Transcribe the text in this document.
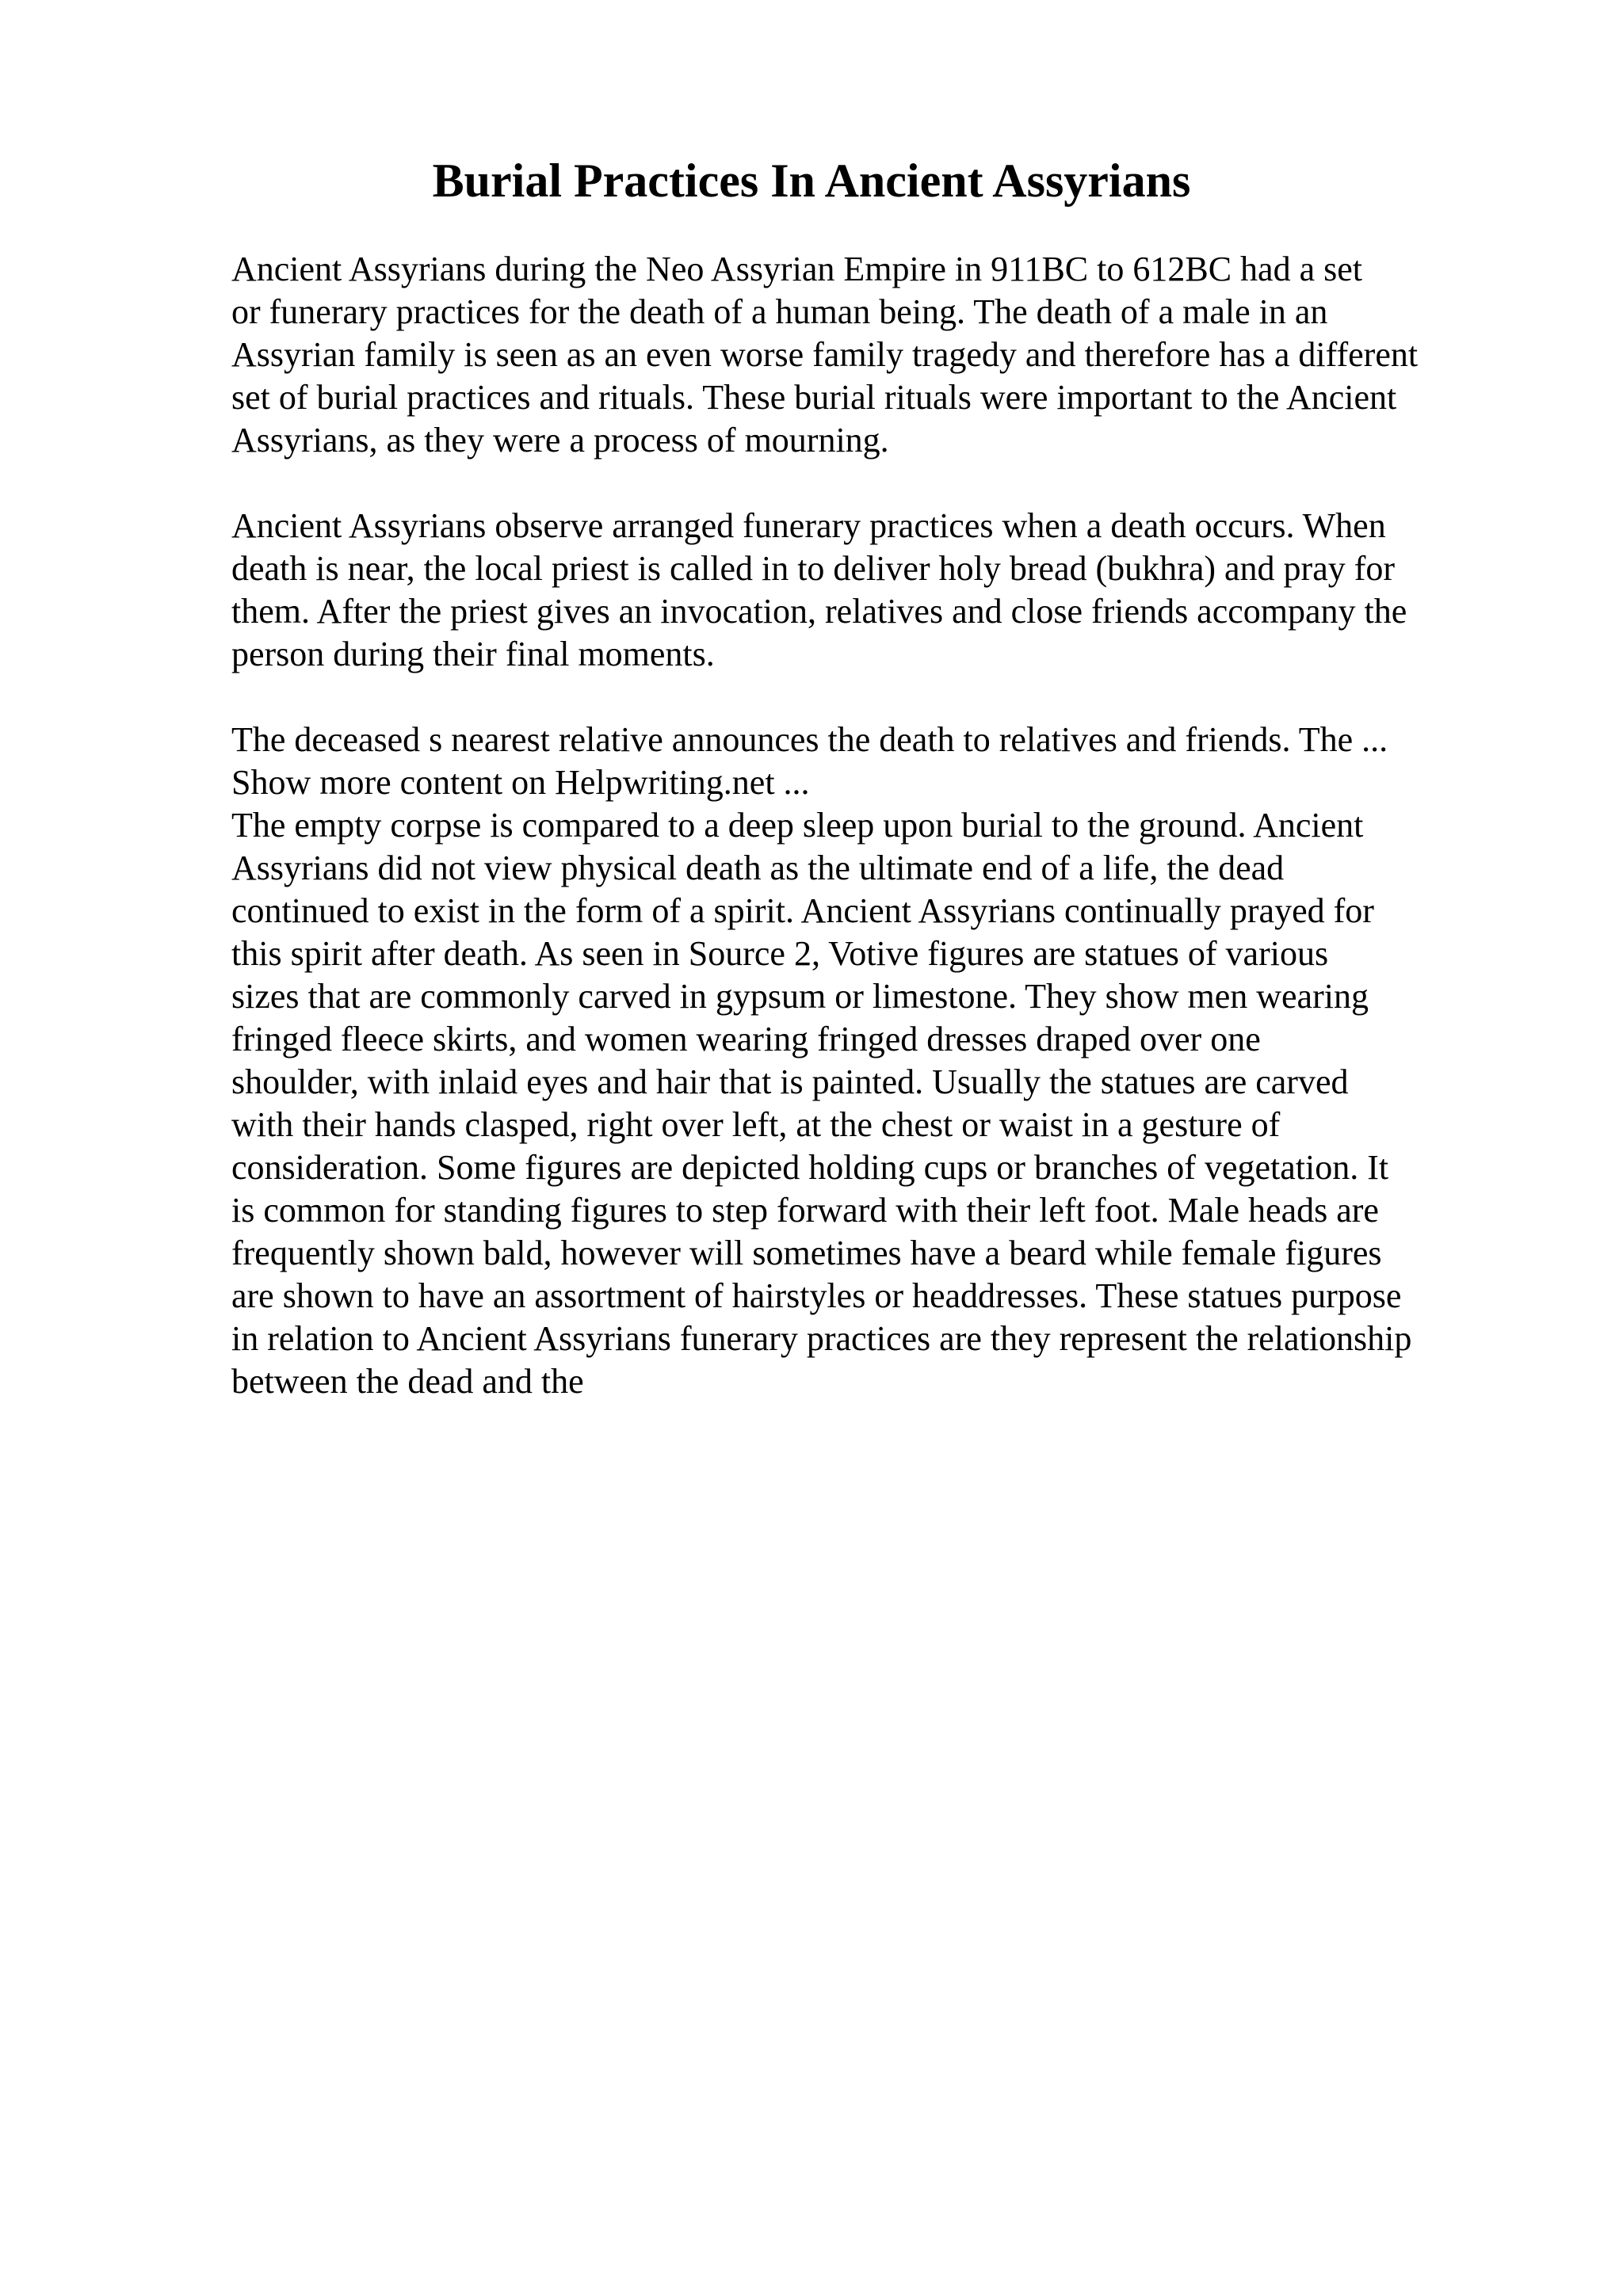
Burial Practices In Ancient Assyrians

Ancient Assyrians during the Neo Assyrian Empire in 911BC to 612BC had a set

or funerary practices for the death of a human being. The death of a male in an

Assyrian family is seen as an even worse family tragedy and therefore has a different

set of burial practices and rituals. These burial rituals were important to the Ancient

Assyrians, as they were a process of mourning.

Ancient Assyrians observe arranged funerary practices when a death occurs. When

death is near, the local priest is called in to deliver holy bread (bukhra) and pray for

them. After the priest gives an invocation, relatives and close friends accompany the

person during their final moments.

The deceased s nearest relative announces the death to relatives and friends. The ...

Show more content on Helpwriting.net ...

The empty corpse is compared to a deep sleep upon burial to the ground. Ancient

Assyrians did not view physical death as the ultimate end of a life, the dead

continued to exist in the form of a spirit. Ancient Assyrians continually prayed for

this spirit after death. As seen in Source 2, Votive figures are statues of various

sizes that are commonly carved in gypsum or limestone. They show men wearing

fringed fleece skirts, and women wearing fringed dresses draped over one

shoulder, with inlaid eyes and hair that is painted. Usually the statues are carved

with their hands clasped, right over left, at the chest or waist in a gesture of

consideration. Some figures are depicted holding cups or branches of vegetation. It

is common for standing figures to step forward with their left foot. Male heads are

frequently shown bald, however will sometimes have a beard while female figures

are shown to have an assortment of hairstyles or headdresses. These statues purpose

in relation to Ancient Assyrians funerary practices are they represent the relationship

between the dead and the
